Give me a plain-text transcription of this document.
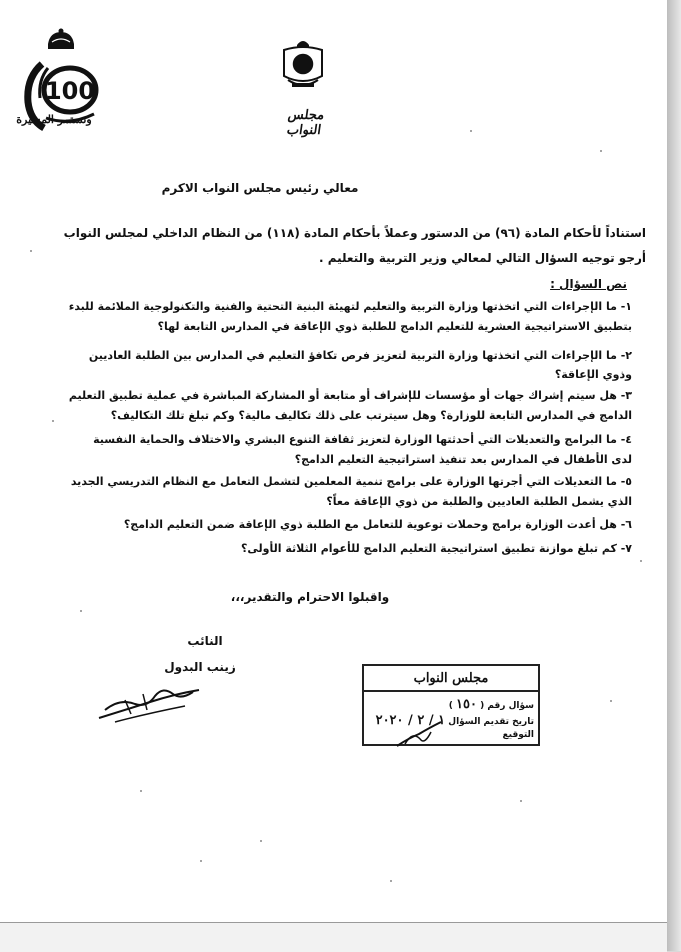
100
وتستمر المسيرة	مجلس النواب
معالي رئيس مجلس النواب الاكرم
استناداً لأحكام المادة (٩٦) من الدستور وعملاً بأحكام المادة (١١٨) من النظام الداخلي لمجلس النواب
أرجو توجيه السؤال التالي لمعالي وزير التربية والتعليم .
نص السؤال :
١- ما الإجراءات التي اتخذتها وزارة التربية والتعليم لتهيئة البنية التحتية والفنية والتكنولوجية الملائمة للبدء
بتطبيق الاستراتيجية العشرية للتعليم الدامج للطلبة ذوي الإعاقة في المدارس التابعة لها؟
٢- ما الإجراءات التي اتخذتها وزارة التربية لتعزيز فرص تكافؤ التعليم في المدارس بين الطلبة العاديين
وذوي الإعاقة؟
٣- هل سيتم إشراك جهات أو مؤسسات للإشراف أو متابعة أو المشاركة المباشرة في عملية تطبيق التعليم
الدامج في المدارس التابعة للوزارة؟ وهل سيترتب على ذلك تكاليف مالية؟ وكم تبلغ تلك التكاليف؟
٤- ما البرامج والتعديلات التي أحدثتها الوزارة لتعزيز ثقافة التنوع البشري والاختلاف والحماية النفسية
لدى الأطفال في المدارس بعد تنفيذ استراتيجية التعليم الدامج؟
٥- ما التعديلات التي أجرتها الوزارة على برامج تنمية المعلمين لتشمل التعامل مع النظام التدريسي الجديد
الذي يشمل الطلبة العاديين والطلبة من ذوي الإعاقة معاً؟
٦- هل أعدت الوزارة برامج وحملات توعوية للتعامل مع الطلبة ذوي الإعاقة ضمن التعليم الدامج؟
٧- كم تبلغ موازنة تطبيق استراتيجية التعليم الدامج للأعوام الثلاثة الأولى؟
واقبلوا الاحترام والتقدير،،،
النائب
زينب البدول
مجلس النواب
سؤال رقم ( ١٥٠ )
تاريخ تقديم السؤال ١ / ٢ / ٢٠٢٠
التوقيع
